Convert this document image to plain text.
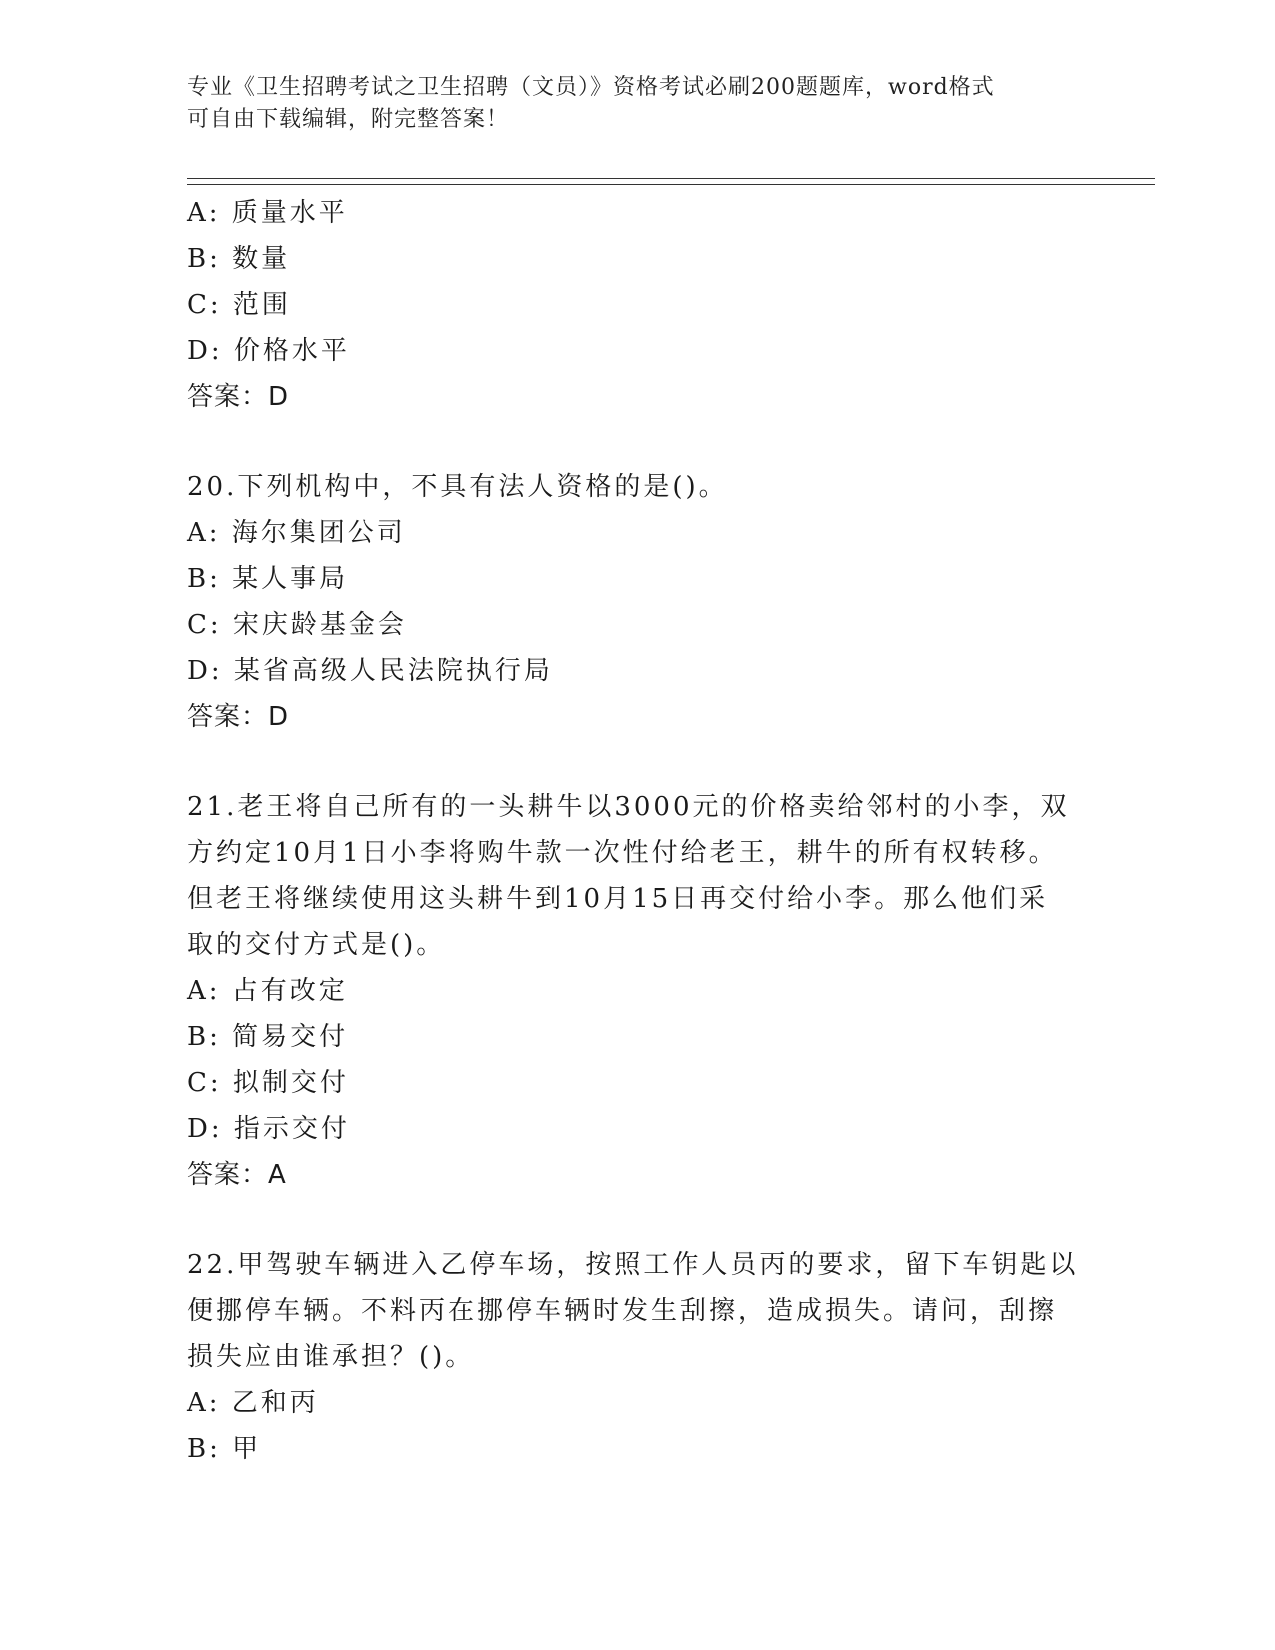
专业《卫生招聘考试之卫生招聘（文员）》资格考试必刷200题题库，word格式
可自由下载编辑，附完整答案！
A: 质量水平
B: 数量
C: 范围
D: 价格水平
答案：D
20.下列机构中，不具有法人资格的是()。
A: 海尔集团公司
B: 某人事局
C: 宋庆龄基金会
D: 某省高级人民法院执行局
答案：D
21.老王将自己所有的一头耕牛以3000元的价格卖给邻村的小李，双
方约定10月1日小李将购牛款一次性付给老王，耕牛的所有权转移。
但老王将继续使用这头耕牛到10月15日再交付给小李。那么他们采
取的交付方式是()。
A: 占有改定
B: 简易交付
C: 拟制交付
D: 指示交付
答案：A
22.甲驾驶车辆进入乙停车场，按照工作人员丙的要求，留下车钥匙以
便挪停车辆。不料丙在挪停车辆时发生刮擦，造成损失。请问，刮擦
损失应由谁承担？()。
A: 乙和丙
B: 甲
